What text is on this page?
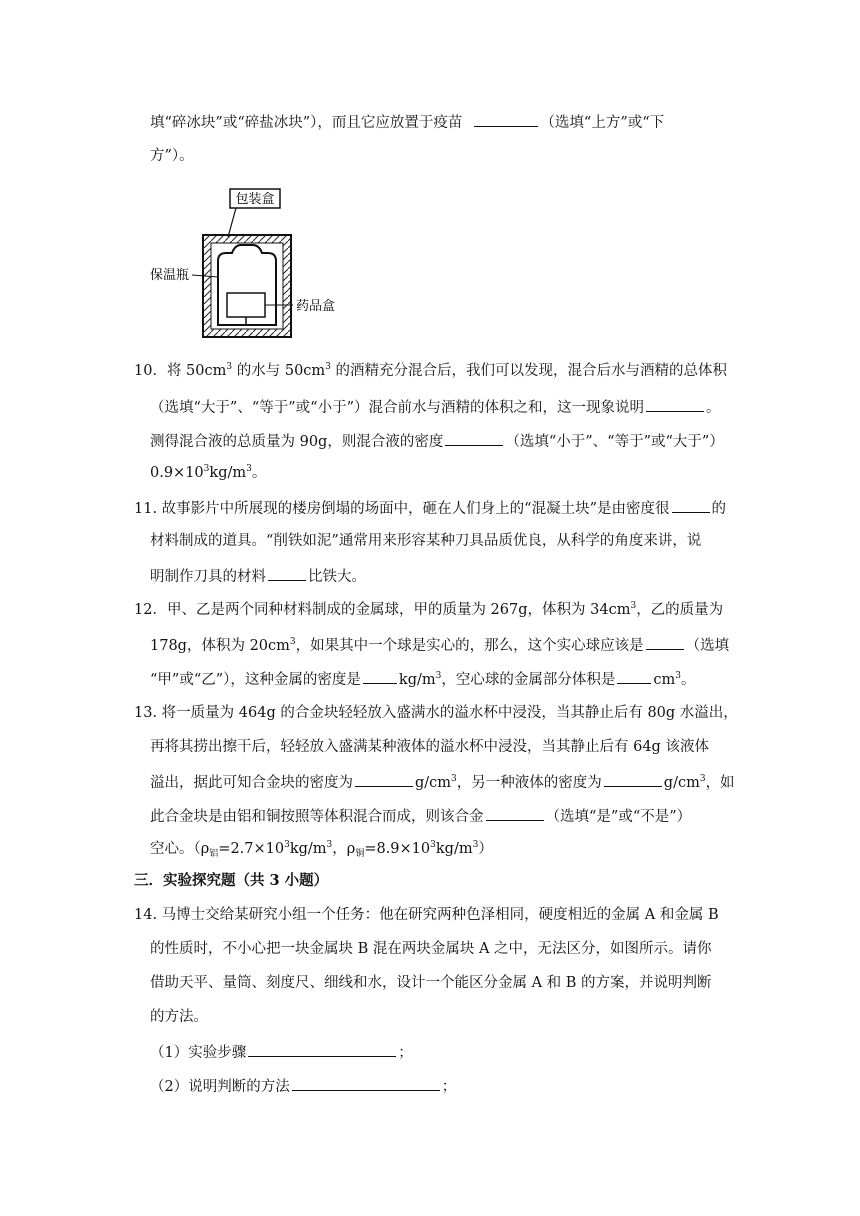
填“碎冰块”或“碎盐冰块”），而且它应放置于疫苗	（选填“上方”或“下
方”）。
包装盒
保温瓶
药品盒
10．将 $50cm^3$ 的水与 $50cm^3$ 的酒精充分混合后，我们可以发现，混合后水与酒精的总体积
（选填“大于”、“等于”或“小于”）混合前水与酒精的体积之和，这一现象说明	。
测得混合液的总质量为 90g，则混合液的密度	（选填“小于”、“等于”或“大于”）
$0.9\times 10^3kg/m^3$。
11. 故事影片中所展现的楼房倒塌的场面中，砸在人们身上的“混凝土块”是由密度很	的
材料制成的道具。“削铁如泥”通常用来形容某种刀具品质优良，从科学的角度来讲，说
明制作刀具的材料	比铁大。
12．甲、乙是两个同种材料制成的金属球，甲的质量为 267g，体积为 $34cm^3$，乙的质量为
178g，体积为 $20cm^3$，如果其中一个球是实心的，那么，这个实心球应该是	（选填
“甲”或“乙”），这种金属的密度是	$kg/m^3$，空心球的金属部分体积是	$cm^3$。
13. 将一质量为 464g 的合金块轻轻放入盛满水的溢水杯中浸没，当其静止后有 80g 水溢出，
再将其捞出擦干后，轻轻放入盛满某种液体的溢水杯中浸没，当其静止后有 64g 该液体
溢出，据此可知合金块的密度为	$g/cm^3$，另一种液体的密度为	$g/cm^3$，如
此合金块是由铝和铜按照等体积混合而成，则该合金	（选填“是”或“不是”）
空心。（$\rho_铝=2.7\times 10^3kg/m^3$，$\rho_铜=8.9\times 10^3kg/m^3$）
三．实验探究题（共 3 小题）
14. 马博士交给某研究小组一个任务：他在研究两种色泽相同，硬度相近的金属 A 和金属 B
的性质时，不小心把一块金属块 B 混在两块金属块 A 之中，无法区分，如图所示。请你
借助天平、量筒、刻度尺、细线和水，设计一个能区分金属 A 和 B 的方案，并说明判断
的方法。
（1）实验步骤	；
（2）说明判断的方法	；
